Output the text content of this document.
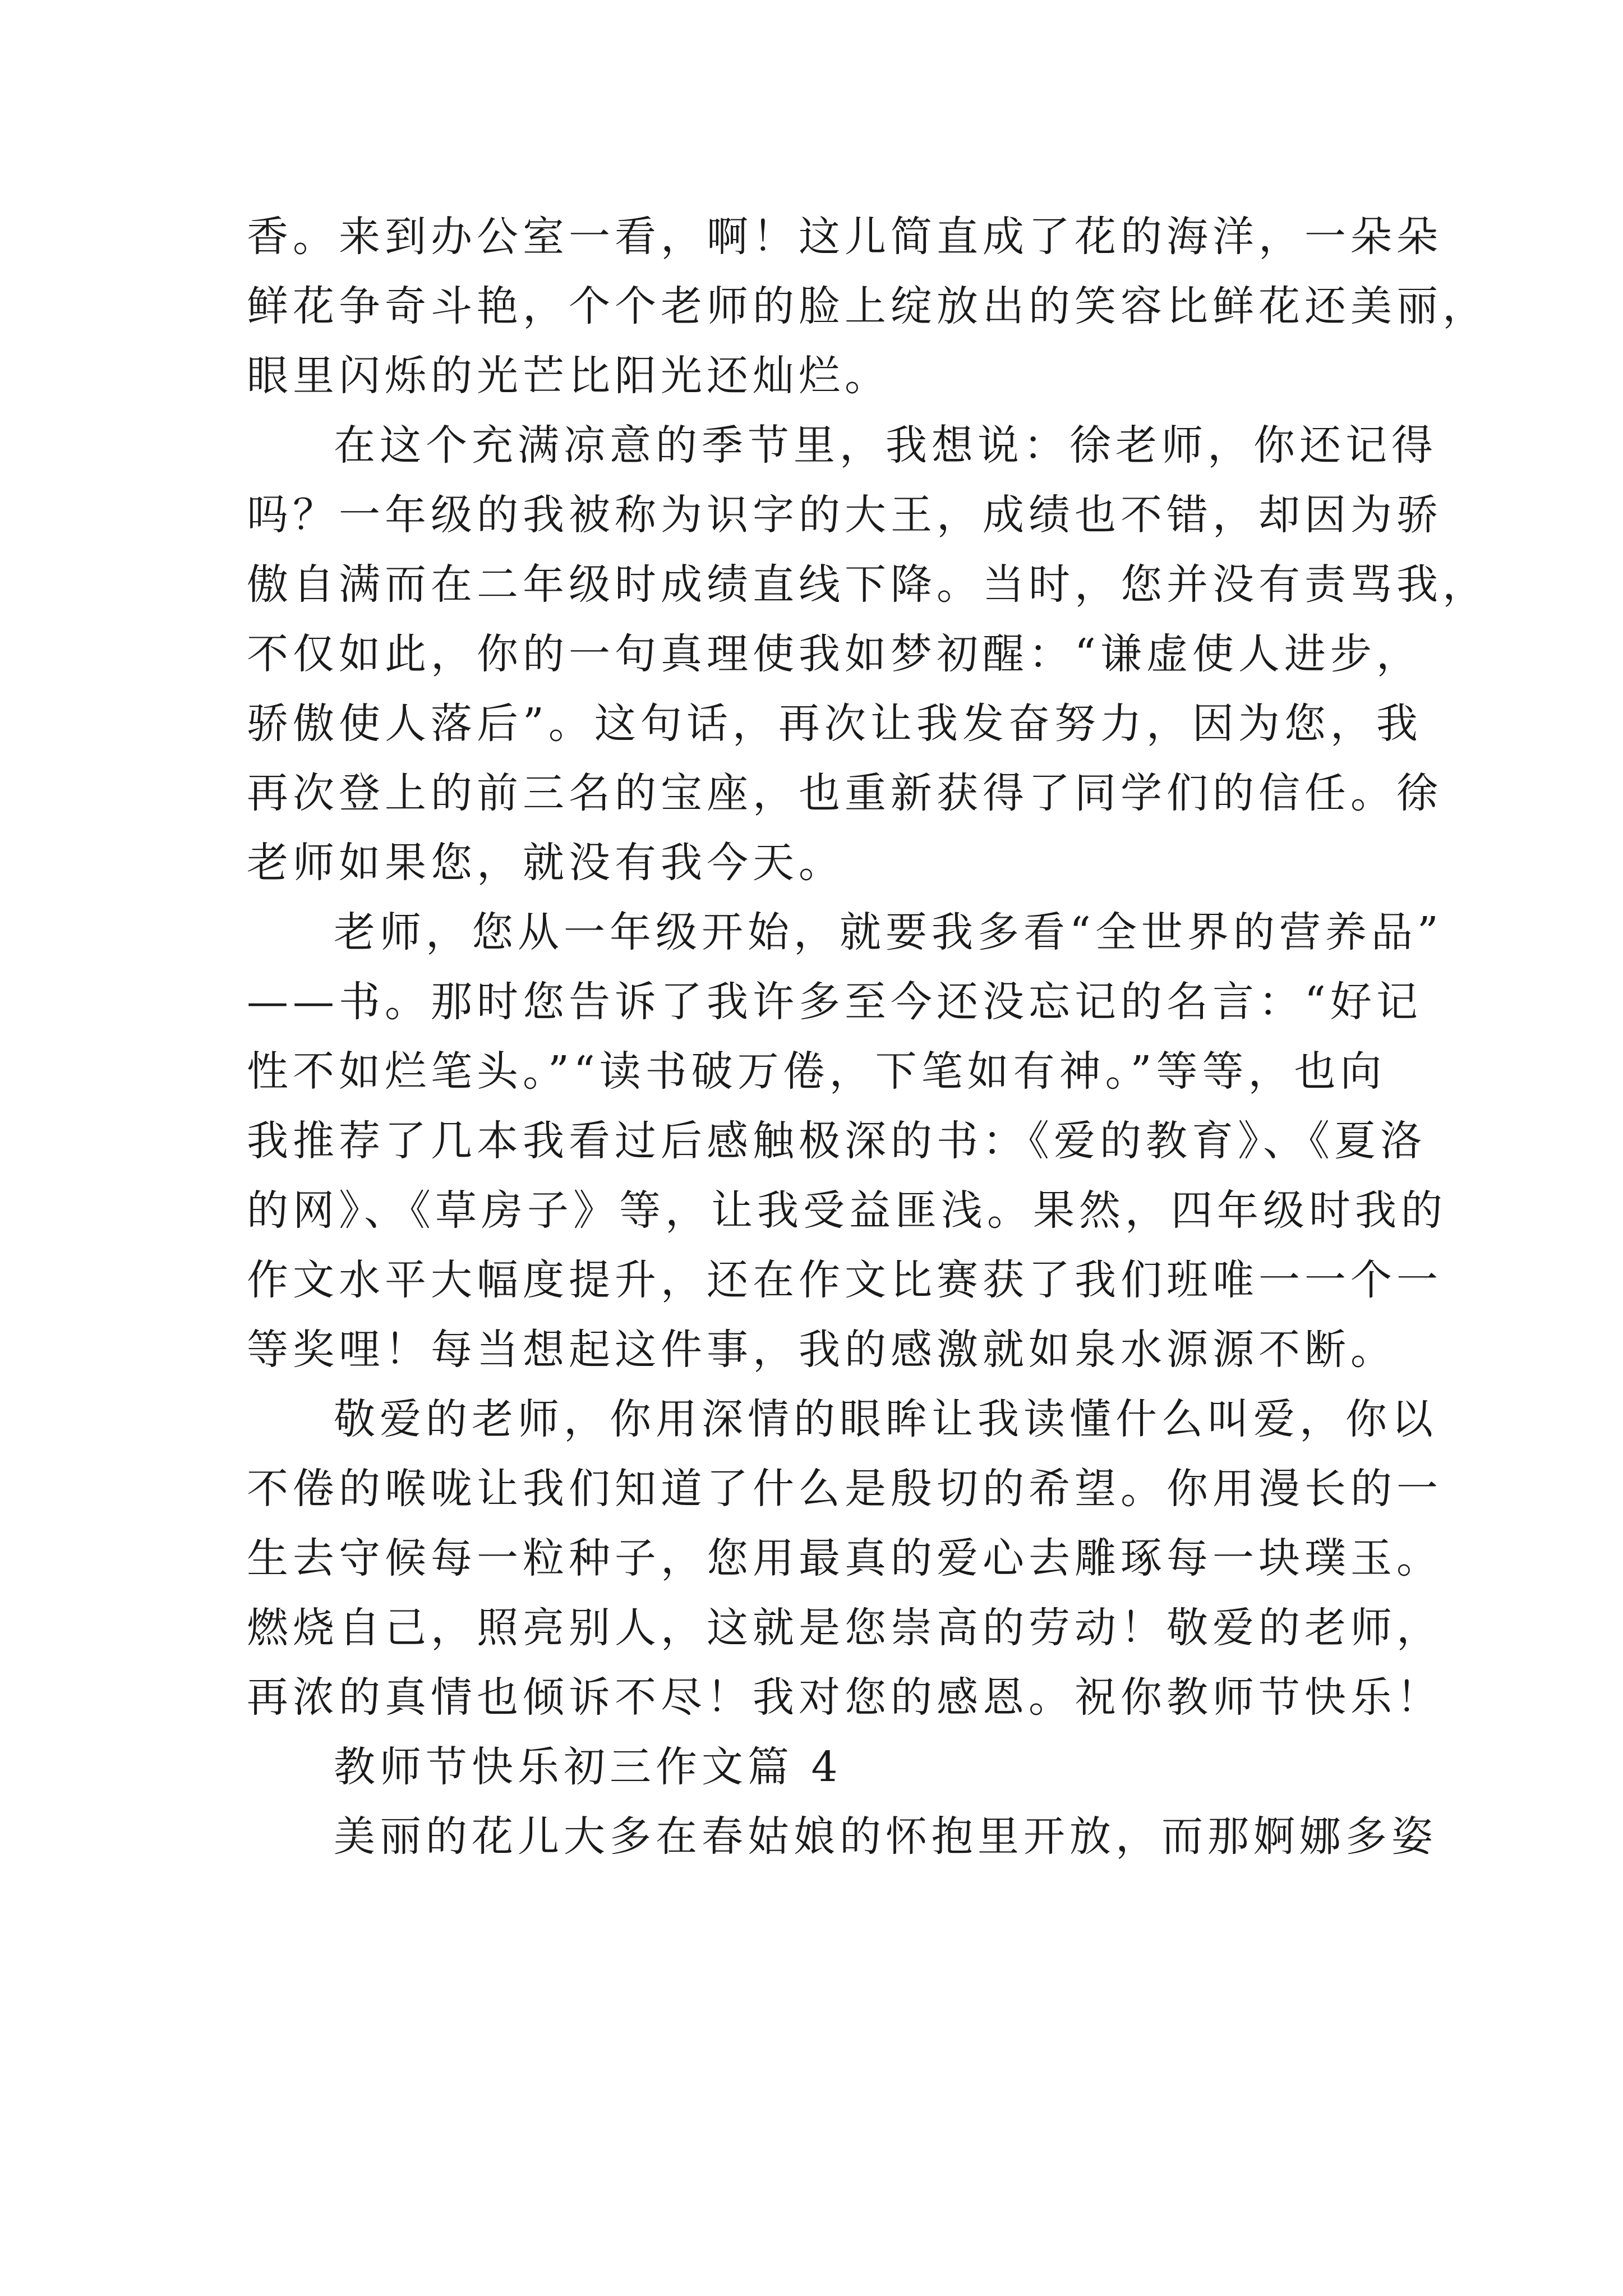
香。来到办公室一看，啊！这儿简直成了花的海洋，一朵朵
鲜花争奇斗艳，个个老师的脸上绽放出的笑容比鲜花还美丽，
眼里闪烁的光芒比阳光还灿烂。
在这个充满凉意的季节里，我想说：徐老师，你还记得
吗？一年级的我被称为识字的大王，成绩也不错，却因为骄
傲自满而在二年级时成绩直线下降。当时，您并没有责骂我，
不仅如此，你的一句真理使我如梦初醒：“谦虚使人进步，
骄傲使人落后”。这句话，再次让我发奋努力，因为您，我
再次登上的前三名的宝座，也重新获得了同学们的信任。徐
老师如果您，就没有我今天。
老师，您从一年级开始，就要我多看“全世界的营养品”
——书。那时您告诉了我许多至今还没忘记的名言：“好记
性不如烂笔头。”“读书破万倦，下笔如有神。”等等，也向
我推荐了几本我看过后感触极深的书：《爱的教育》、《夏洛
的网》、《草房子》等，让我受益匪浅。果然，四年级时我的
作文水平大幅度提升，还在作文比赛获了我们班唯一一个一
等奖哩！每当想起这件事，我的感激就如泉水源源不断。
敬爱的老师，你用深情的眼眸让我读懂什么叫爱，你以
不倦的喉咙让我们知道了什么是殷切的希望。你用漫长的一
生去守候每一粒种子，您用最真的爱心去雕琢每一块璞玉。
燃烧自己，照亮别人，这就是您崇高的劳动！敬爱的老师，
再浓的真情也倾诉不尽！我对您的感恩。祝你教师节快乐！
教师节快乐初三作文篇 4
美丽的花儿大多在春姑娘的怀抱里开放，而那婀娜多姿
